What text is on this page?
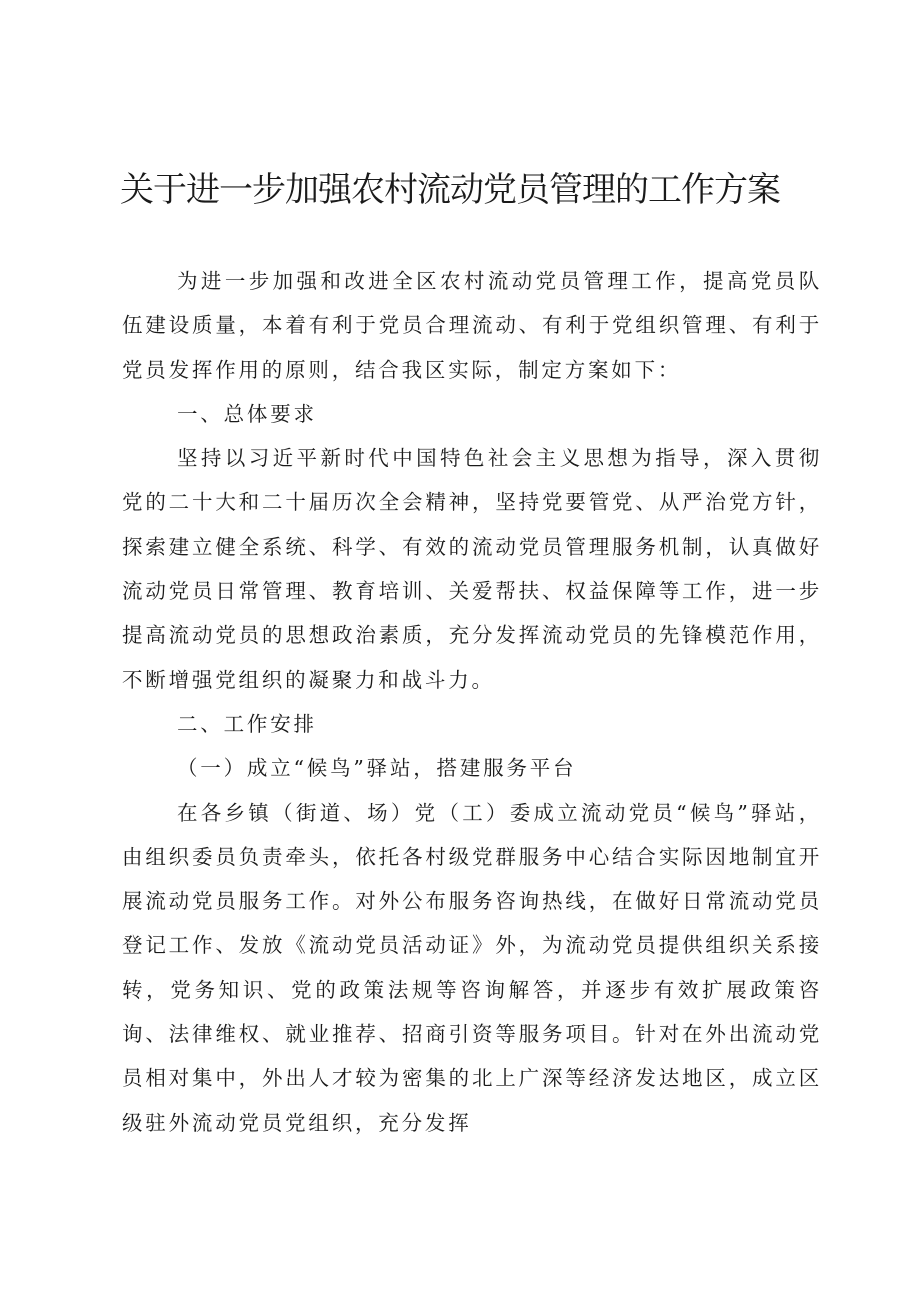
关于进一步加强农村流动党员管理的工作方案

为进一步加强和改进全区农村流动党员管理工作，提高党员队伍建设质量，本着有利于党员合理流动、有利于党组织管理、有利于党员发挥作用的原则，结合我区实际，制定方案如下：

一、总体要求

坚持以习近平新时代中国特色社会主义思想为指导，深入贯彻党的二十大和二十届历次全会精神，坚持党要管党、从严治党方针，探索建立健全系统、科学、有效的流动党员管理服务机制，认真做好流动党员日常管理、教育培训、关爱帮扶、权益保障等工作，进一步提高流动党员的思想政治素质，充分发挥流动党员的先锋模范作用，不断增强党组织的凝聚力和战斗力。

二、工作安排

（一）成立“候鸟”驿站，搭建服务平台

在各乡镇（街道、场）党（工）委成立流动党员“候鸟”驿站，由组织委员负责牵头，依托各村级党群服务中心结合实际因地制宜开展流动党员服务工作。对外公布服务咨询热线，在做好日常流动党员登记工作、发放《流动党员活动证》外，为流动党员提供组织关系接转，党务知识、党的政策法规等咨询解答，并逐步有效扩展政策咨询、法律维权、就业推荐、招商引资等服务项目。针对在外出流动党员相对集中，外出人才较为密集的北上广深等经济发达地区，成立区级驻外流动党员党组织，充分发挥
